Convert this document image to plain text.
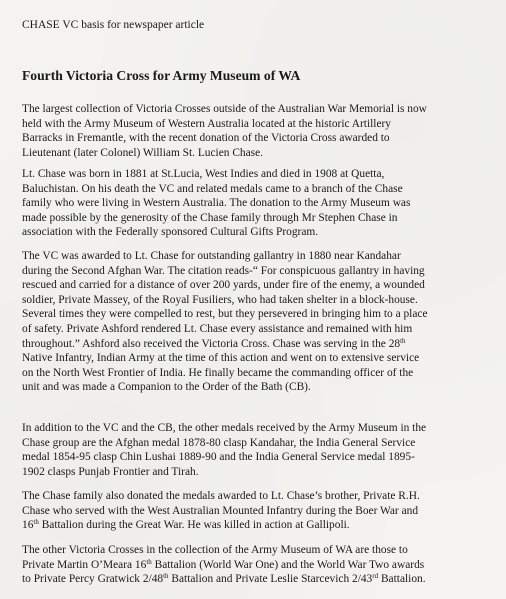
CHASE VC basis for newspaper article
Fourth Victoria Cross for Army Museum of WA
The largest collection of Victoria Crosses outside of the Australian War Memorial is now
held with the Army Museum of Western Australia located at the historic Artillery
Barracks in Fremantle, with the recent donation of the Victoria Cross awarded to
Lieutenant (later Colonel) William St. Lucien Chase.
Lt. Chase was born in 1881 at St.Lucia, West Indies and died in 1908 at Quetta,
Baluchistan. On his death the VC and related medals came to a branch of the Chase
family who were living in Western Australia. The donation to the Army Museum was
made possible by the generosity of the Chase family through Mr Stephen Chase in
association with the Federally sponsored Cultural Gifts Program.
The VC was awarded to Lt. Chase for outstanding gallantry in 1880 near Kandahar
during the Second Afghan War. The citation reads-“ For conspicuous gallantry in having
rescued and carried for a distance of over 200 yards, under fire of the enemy, a wounded
soldier, Private Massey, of the Royal Fusiliers, who had taken shelter in a block-house.
Several times they were compelled to rest, but they persevered in bringing him to a place
of safety. Private Ashford rendered Lt. Chase every assistance and remained with him
throughout.” Ashford also received the Victoria Cross. Chase was serving in the 28th
Native Infantry, Indian Army at the time of this action and went on to extensive service
on the North West Frontier of India. He finally became the commanding officer of the
unit and was made a Companion to the Order of the Bath (CB).
In addition to the VC and the CB, the other medals received by the Army Museum in the
Chase group are the Afghan medal 1878-80 clasp Kandahar, the India General Service
medal 1854-95 clasp Chin Lushai 1889-90 and the India General Service medal 1895-
1902 clasps Punjab Frontier and Tirah.
The Chase family also donated the medals awarded to Lt. Chase’s brother, Private R.H.
Chase who served with the West Australian Mounted Infantry during the Boer War and
16th Battalion during the Great War. He was killed in action at Gallipoli.
The other Victoria Crosses in the collection of the Army Museum of WA are those to
Private Martin O’Meara 16th Battalion (World War One) and the World War Two awards
to Private Percy Gratwick 2/48th Battalion and Private Leslie Starcevich 2/43rd Battalion.
